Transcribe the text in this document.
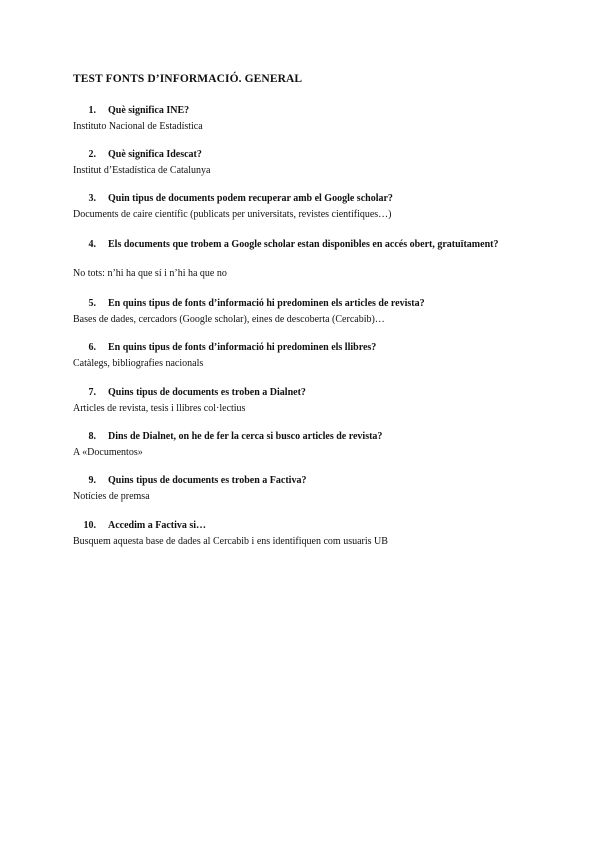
TEST FONTS D’INFORMACIÓ. GENERAL
1. Què significa INE?
Instituto Nacional de Estadística
2. Què significa Idescat?
Institut d’Estadística de Catalunya
3. Quin tipus de documents podem recuperar amb el Google scholar?
Documents de caire científic (publicats per universitats, revistes científiques…)
4. Els documents que trobem a Google scholar estan disponibles en accés obert, gratuïtament?
No tots: n’hi ha que sí i n’hi ha que no
5. En quins tipus de fonts d’informació hi predominen els articles de revista?
Bases de dades, cercadors (Google scholar), eines de descoberta (Cercabib)…
6. En quins tipus de fonts d’informació hi predominen els llibres?
Catàlegs, bibliografies nacionals
7. Quins tipus de documents es troben a Dialnet?
Articles de revista, tesis i llibres col·lectius
8. Dins de Dialnet, on he de fer la cerca si busco articles de revista?
A «Documentos»
9. Quins tipus de documents es troben a Factiva?
Notícies de premsa
10. Accedim a Factiva si…
Busquem aquesta base de dades al Cercabib i ens identifiquen com usuaris UB
